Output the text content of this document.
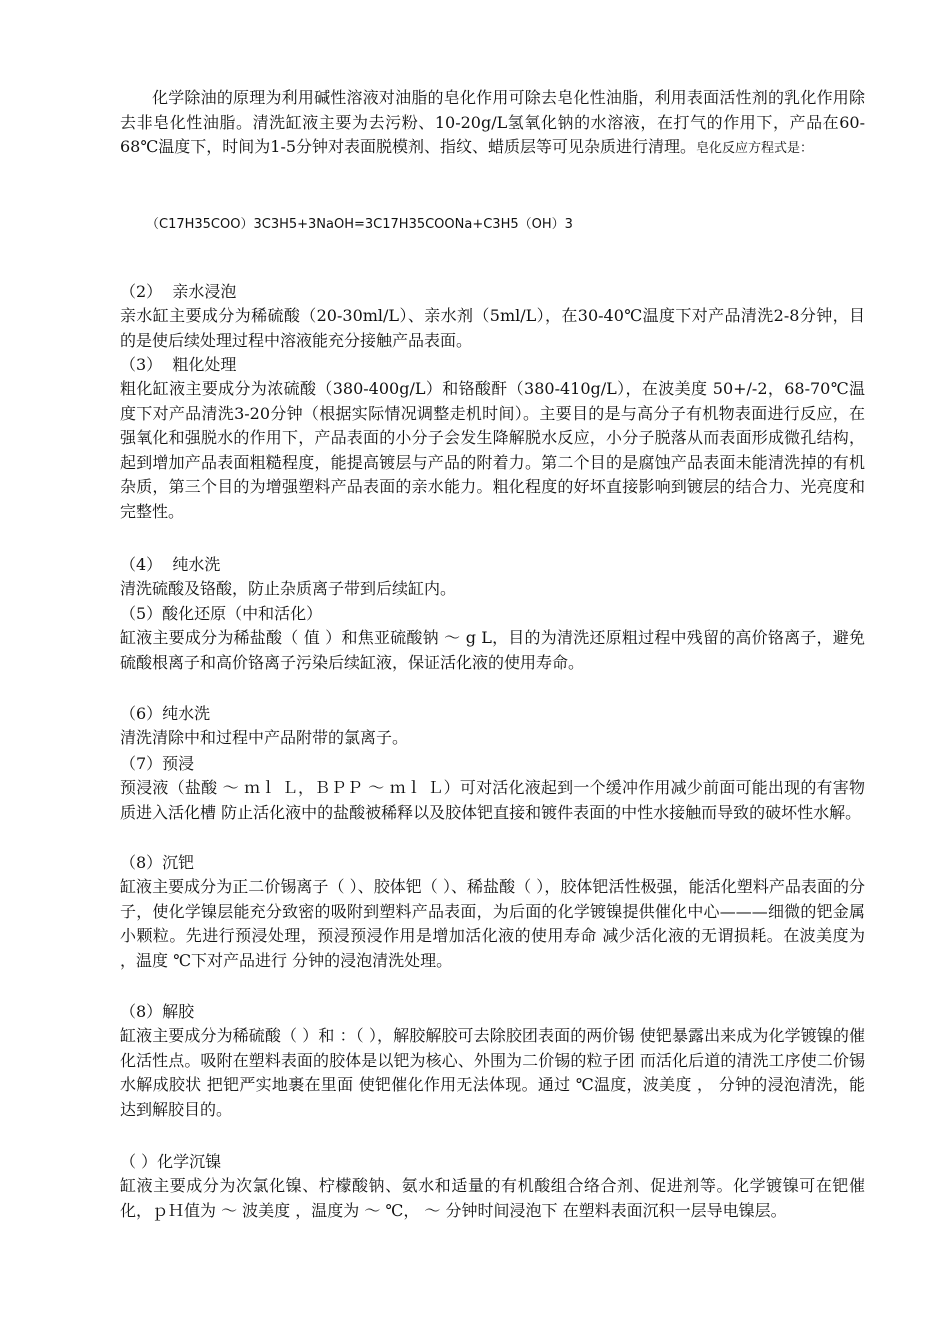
化学除油的原理为利用碱性溶液对油脂的皂化作用可除去皂化性油脂，利用表面活性剂的乳化作用除去非皂化性油脂。清洗缸液主要为去污粉、10-20g/L氢氧化钠的水溶液，在打气的作用下，产品在60-68℃温度下，时间为1-5分钟对表面脱模剂、指纹、蜡质层等可见杂质进行清理。皂化反应方程式是：

（C17H35COO）3C3H5+3NaOH=3C17H35COONa+C3H5（OH）3

（2）  亲水浸泡

亲水缸主要成分为稀硫酸（20-30ml/L）、亲水剂（5ml/L），在30-40℃温度下对产品清洗2-8分钟，目的是使后续处理过程中溶液能充分接触产品表面。

（3）  粗化处理

粗化缸液主要成分为浓硫酸（380-400g/L）和铬酸酐（380-410g/L），在波美度 50+/-2，68-70℃温度下对产品清洗3-20分钟（根据实际情况调整走机时间）。主要目的是与高分子有机物表面进行反应，在强氧化和强脱水的作用下，产品表面的小分子会发生降解脱水反应，小分子脱落从而表面形成微孔结构，起到增加产品表面粗糙程度，能提高镀层与产品的附着力。第二个目的是腐蚀产品表面未能清洗掉的有机杂质，第三个目的为增强塑料产品表面的亲水能力。粗化程度的好坏直接影响到镀层的结合力、光亮度和完整性。

（4）  纯水洗

清洗硫酸及铬酸，防止杂质离子带到后续缸内。

（5）酸化还原（中和活化）

缸液主要成分为稀盐酸（ 值 ）和焦亚硫酸钠 ～ g L，目的为清洗还原粗过程中残留的高价铬离子，避免硫酸根离子和高价铬离子污染后续缸液，保证活化液的使用寿命。

（6）纯水洗

清洗清除中和过程中产品附带的氯离子。

（7）预浸

预浸液（盐酸 ～ ｍｌ Ｌ，ＢＰＰ ～ ｍｌ Ｌ）可对活化液起到一个缓冲作用减少前面可能出现的有害物质进入活化槽 防止活化液中的盐酸被稀释以及胶体钯直接和镀件表面的中性水接触而导致的破坏性水解。

（8）沉钯

缸液主要成分为正二价锡离子（ ）、胶体钯（ ）、稀盐酸（ ），胶体钯活性极强，能活化塑料产品表面的分子，使化学镍层能充分致密的吸附到塑料产品表面，为后面的化学镀镍提供催化中心———细微的钯金属小颗粒。先进行预浸处理，预浸预浸作用是增加活化液的使用寿命 减少活化液的无谓损耗。在波美度为 ，温度 ℃下对产品进行 分钟的浸泡清洗处理。

（8）解胶

缸液主要成分为稀硫酸（ ）和 ：（ ），解胶解胶可去除胶团表面的两价锡 使钯暴露出来成为化学镀镍的催化活性点。吸附在塑料表面的胶体是以钯为核心、外围为二价锡的粒子团 而活化后道的清洗工序使二价锡水解成胶状 把钯严实地裹在里面 使钯催化作用无法体现。通过 ℃温度，波美度 ， 分钟的浸泡清洗，能达到解胶目的。

（ ）化学沉镍

缸液主要成分为次氯化镍、柠檬酸钠、氨水和适量的有机酸组合络合剂、促进剂等。化学镀镍可在钯催化，ｐＨ值为 ～ 波美度 ，温度为 ～ ℃， ～ 分钟时间浸泡下 在塑料表面沉积一层导电镍层。
